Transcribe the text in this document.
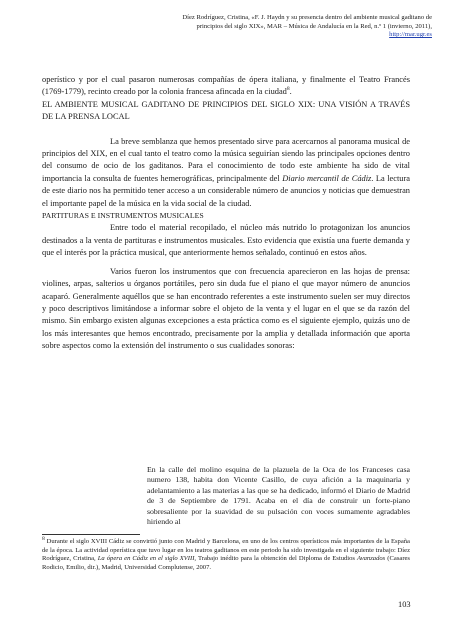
Díez Rodríguez, Cristina, «F. J. Haydn y su presencia dentro del ambiente musical gaditano de
principios del siglo XIX», MAR – Música de Andalucía en la Red, n.º 1 (invierno, 2011),
http://mar.ugr.es

operístico y por el cual pasaron numerosas compañías de ópera italiana, y finalmente el Teatro Francés (1769-1779), recinto creado por la colonia francesa afincada en la ciudad$^8$.

EL AMBIENTE MUSICAL GADITANO DE PRINCIPIOS DEL SIGLO XIX: UNA VISIÓN A TRAVÉS DE LA PRENSA LOCAL

La breve semblanza que hemos presentado sirve para acercarnos al panorama musical de principios del XIX, en el cual tanto el teatro como la música seguirían siendo las principales opciones dentro del consumo de ocio de los gaditanos. Para el conocimiento de todo este ambiente ha sido de vital importancia la consulta de fuentes hemerográficas, principalmente del Diario mercantil de Cádiz. La lectura de este diario nos ha permitido tener acceso a un considerable número de anuncios y noticias que demuestran el importante papel de la música en la vida social de la ciudad.

PARTITURAS E INSTRUMENTOS MUSICALES

Entre todo el material recopilado, el núcleo más nutrido lo protagonizan los anuncios destinados a la venta de partituras e instrumentos musicales. Esto evidencia que existía una fuerte demanda y que el interés por la práctica musical, que anteriormente hemos señalado, continuó en estos años.

Varios fueron los instrumentos que con frecuencia aparecieron en las hojas de prensa: violines, arpas, salterios u órganos portátiles, pero sin duda fue el piano el que mayor número de anuncios acaparó. Generalmente aquéllos que se han encontrado referentes a este instrumento suelen ser muy directos y poco descriptivos limitándose a informar sobre el objeto de la venta y el lugar en el que se da razón del mismo. Sin embargo existen algunas excepciones a esta práctica como es el siguiente ejemplo, quizás uno de los más interesantes que hemos encontrado, precisamente por la amplia y detallada información que aporta sobre aspectos como la extensión del instrumento o sus cualidades sonoras:

En la calle del molino esquina de la plazuela de la Oca de los Franceses casa numero 138, habita don Vicente Casillo, de cuya afición a la maquinaria y adelantamiento a las materias a las que se ha dedicado, informó el Diario de Madrid de 3 de Septiembre de 1791. Acaba en el día de construir un forte-piano sobresaliente por la suavidad de su pulsación con voces sumamente agradables hiriendo al
$^8$ Durante el siglo XVIII Cádiz se convirtió junto con Madrid y Barcelona, en uno de los centros operísticos más importantes de la España de la época. La actividad operística que tuvo lugar en los teatros gaditanos en este periodo ha sido investigada en el siguiente trabajo: Díez Rodríguez, Cristina, La ópera en Cádiz en el siglo XVIII, Trabajo inédito para la obtención del Diploma de Estudios Avanzados (Casares Rodicio, Emilio, dir.), Madrid, Universidad Complutense, 2007.
103
